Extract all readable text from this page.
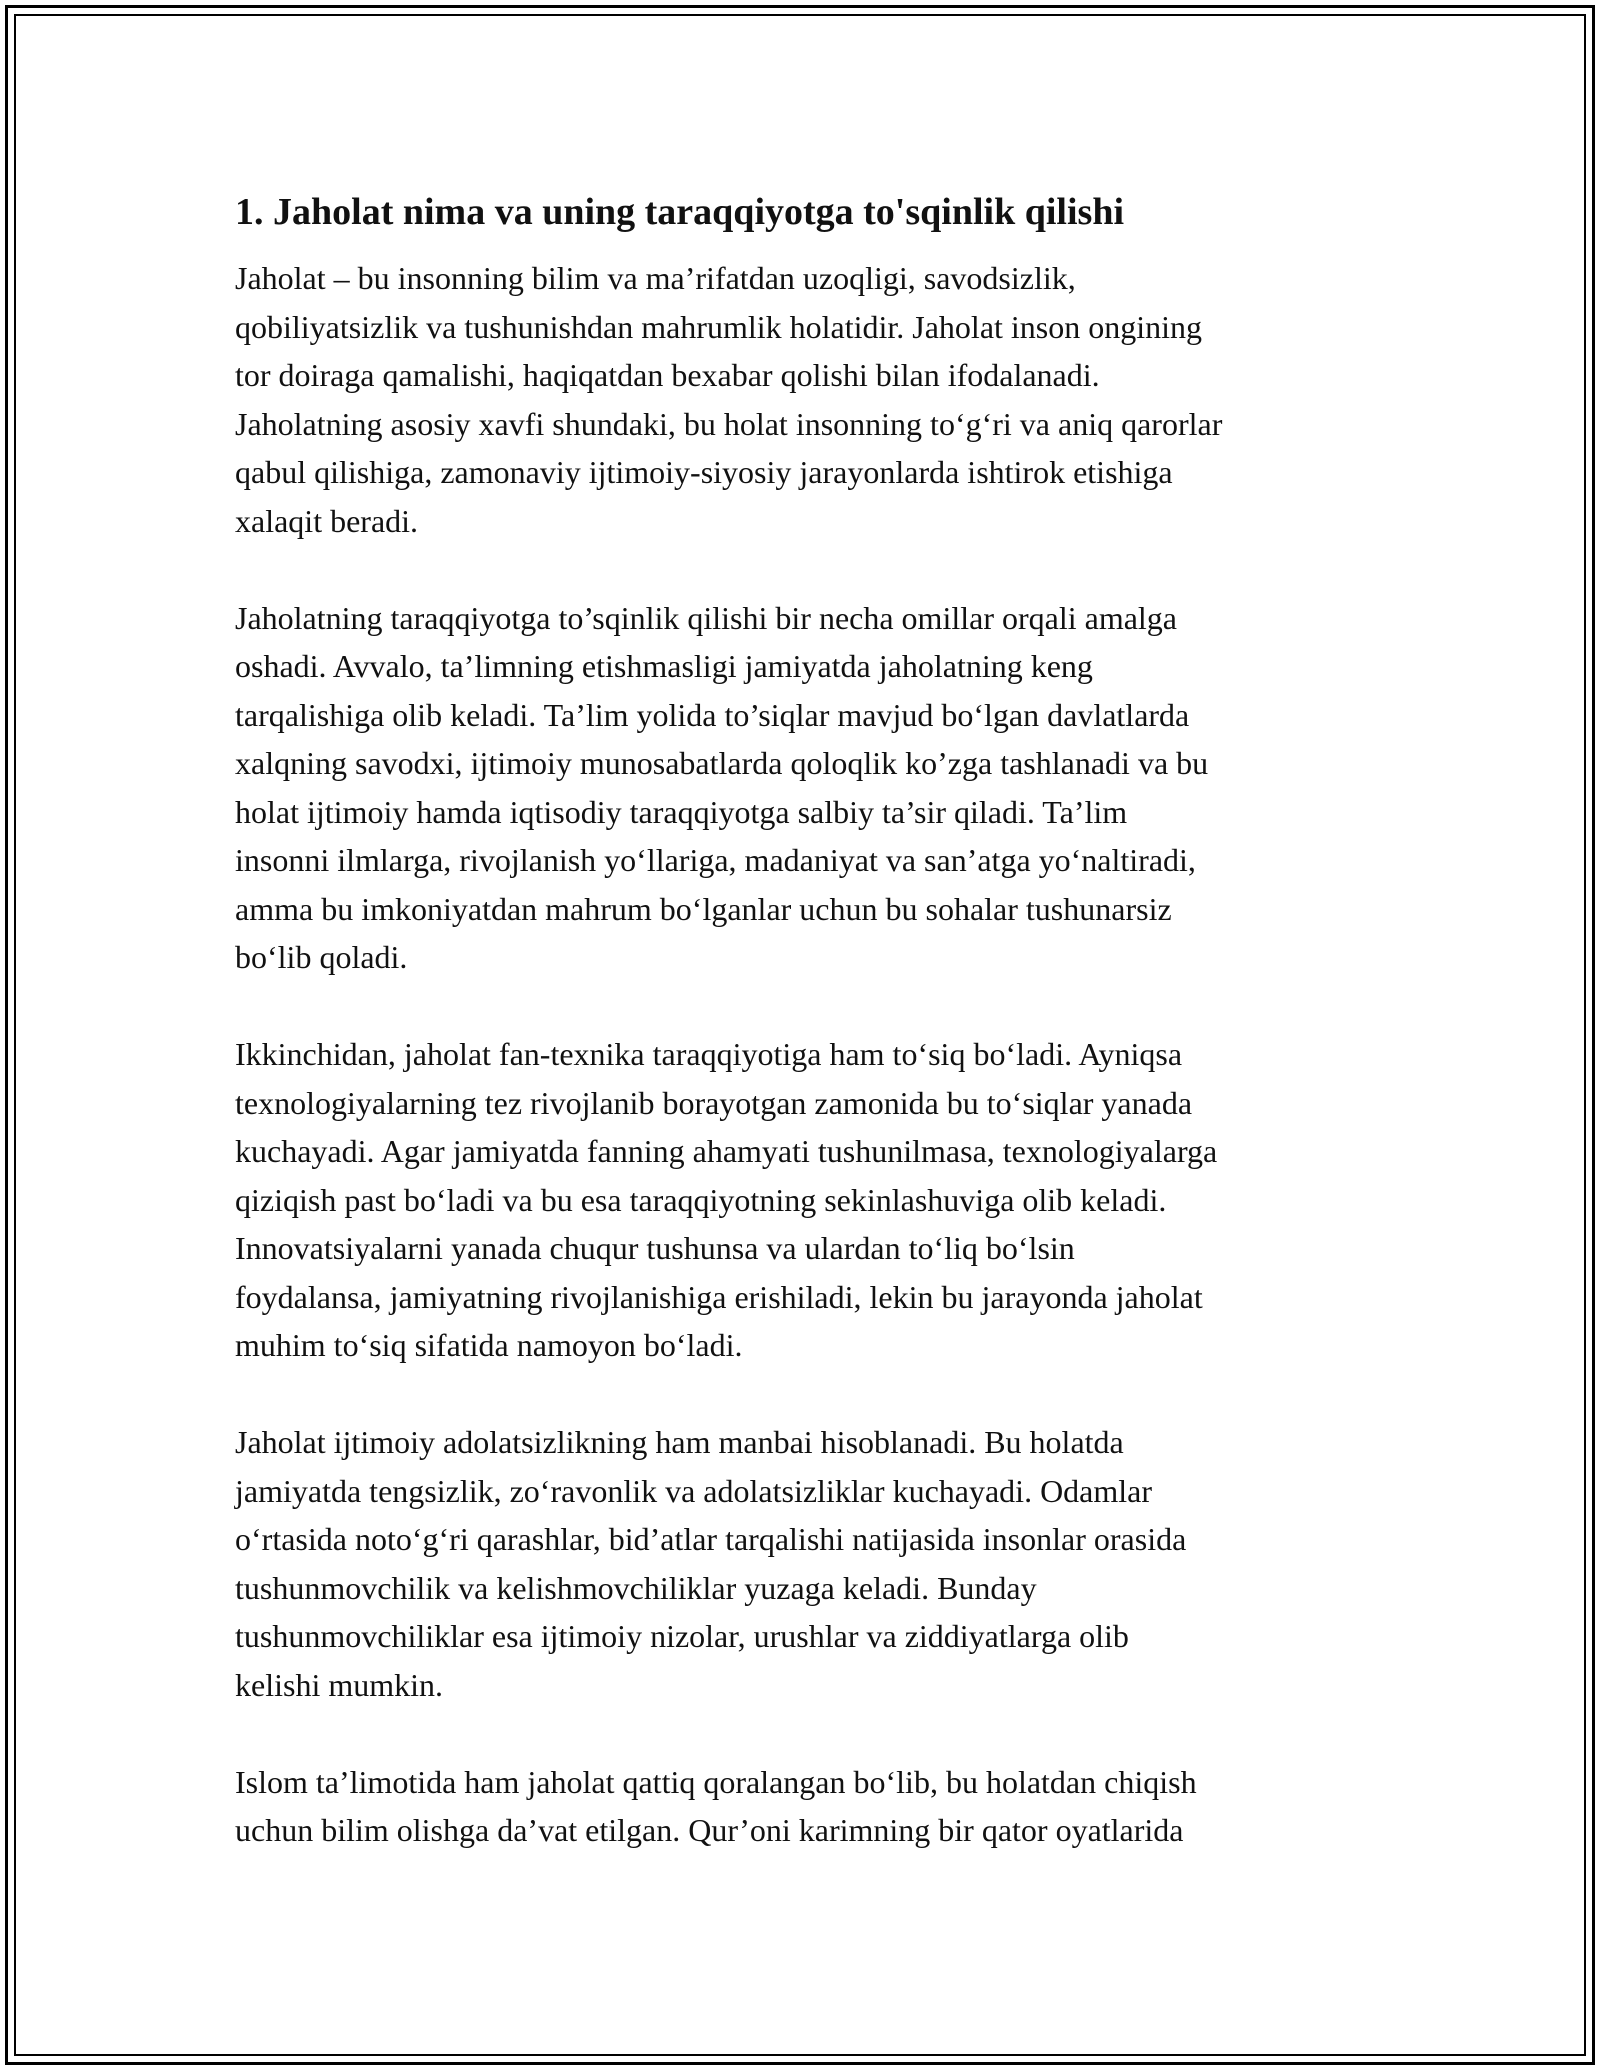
1. Jaholat nima va uning taraqqiyotga to'sqinlik qilishi
Jaholat – bu insonning bilim va ma’rifatdan uzoqligi, savodsizlik,
qobiliyatsizlik va tushunishdan mahrumlik holatidir. Jaholat inson ongining
tor doiraga qamalishi, haqiqatdan bexabar qolishi bilan ifodalanadi.
Jaholatning asosiy xavfi shundaki, bu holat insonning toʻgʻri va aniq qarorlar
qabul qilishiga, zamonaviy ijtimoiy-siyosiy jarayonlarda ishtirok etishiga
xalaqit beradi.
Jaholatning taraqqiyotga to’sqinlik qilishi bir necha omillar orqali amalga
oshadi. Avvalo, ta’limning etishmasligi jamiyatda jaholatning keng
tarqalishiga olib keladi. Ta’lim yolida to’siqlar mavjud boʻlgan davlatlarda
xalqning savodxi, ijtimoiy munosabatlarda qoloqlik ko’zga tashlanadi va bu
holat ijtimoiy hamda iqtisodiy taraqqiyotga salbiy ta’sir qiladi. Ta’lim
insonni ilmlarga, rivojlanish yoʻllariga, madaniyat va san’atga yoʻnaltiradi,
amma bu imkoniyatdan mahrum boʻlganlar uchun bu sohalar tushunarsiz
boʻlib qoladi.
Ikkinchidan, jaholat fan-texnika taraqqiyotiga ham toʻsiq boʻladi. Ayniqsa
texnologiyalarning tez rivojlanib borayotgan zamonida bu toʻsiqlar yanada
kuchayadi. Agar jamiyatda fanning ahamyati tushunilmasa, texnologiyalarga
qiziqish past boʻladi va bu esa taraqqiyotning sekinlashuviga olib keladi.
Innovatsiyalarni yanada chuqur tushunsa va ulardan toʻliq boʻlsin
foydalansa, jamiyatning rivojlanishiga erishiladi, lekin bu jarayonda jaholat
muhim toʻsiq sifatida namoyon boʻladi.
Jaholat ijtimoiy adolatsizlikning ham manbai hisoblanadi. Bu holatda
jamiyatda tengsizlik, zoʻravonlik va adolatsizliklar kuchayadi. Odamlar
oʻrtasida notoʻgʻri qarashlar, bid’atlar tarqalishi natijasida insonlar orasida
tushunmovchilik va kelishmovchiliklar yuzaga keladi. Bunday
tushunmovchiliklar esa ijtimoiy nizolar, urushlar va ziddiyatlarga olib
kelishi mumkin.
Islom ta’limotida ham jaholat qattiq qoralangan boʻlib, bu holatdan chiqish
uchun bilim olishga da’vat etilgan. Qur’oni karimning bir qator oyatlarida
